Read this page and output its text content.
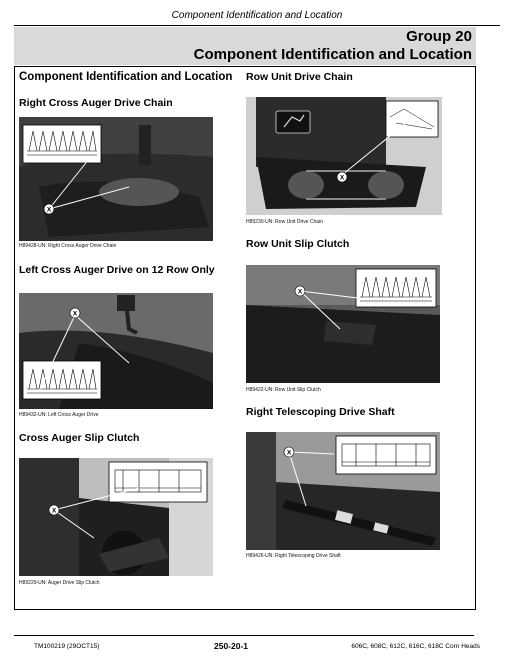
Component Identification and Location
Group 20
Component Identification and Location
Component Identification and Location
Right Cross Auger Drive Chain
X
H89428-UN: Right Cross Auger Drive Chain
Left Cross Auger Drive on 12 Row Only
X
H89432-UN: Left Cross Auger Drive
Cross Auger Slip Clutch
X
H89229-UN: Auger Drive Slip Clutch
Row Unit Drive Chain
X
H89230-UN: Row Unit Drive Chain
Row Unit Slip Clutch
X
H89422-UN: Row Unit Slip Clutch
Right Telescoping Drive Shaft
X
H89426-UN: Right Telescoping Drive Shaft
TM100219 (29OCT15)	250-20-1	606C, 608C, 612C, 616C, 618C Corn Heads
